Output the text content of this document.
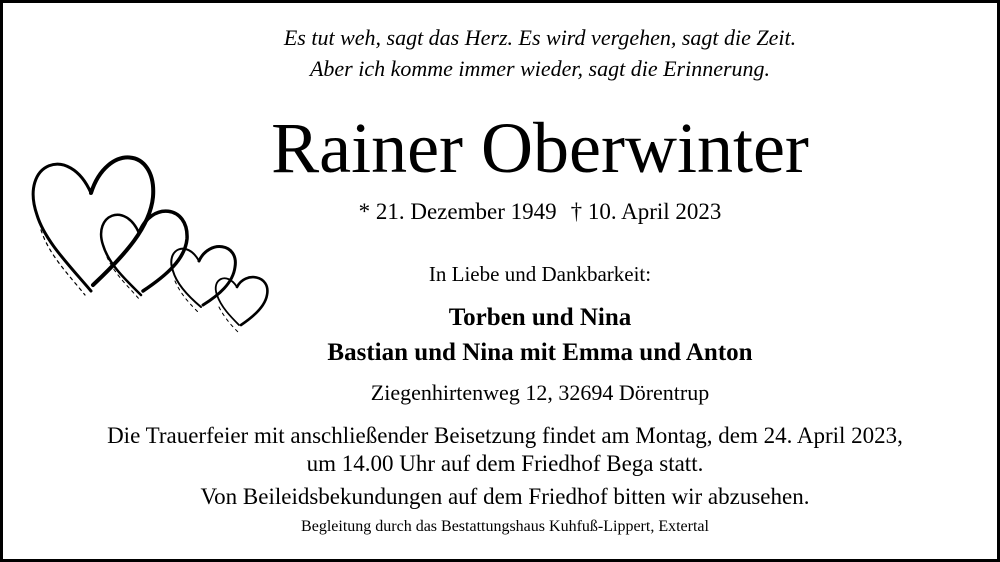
Es tut weh, sagt das Herz. Es wird vergehen, sagt die Zeit.
Aber ich komme immer wieder, sagt die Erinnerung.
Rainer Oberwinter
* 21. Dezember 1949 † 10. April 2023
In Liebe und Dankbarkeit:
Torben und Nina
Bastian und Nina mit Emma und Anton
Ziegenhirtenweg 12, 32694 Dörentrup
Die Trauerfeier mit anschließender Beisetzung findet am Montag, dem 24. April 2023,
um 14.00 Uhr auf dem Friedhof Bega statt.
Von Beileidsbekundungen auf dem Friedhof bitten wir abzusehen.
Begleitung durch das Bestattungshaus Kuhfuß-Lippert, Extertal
